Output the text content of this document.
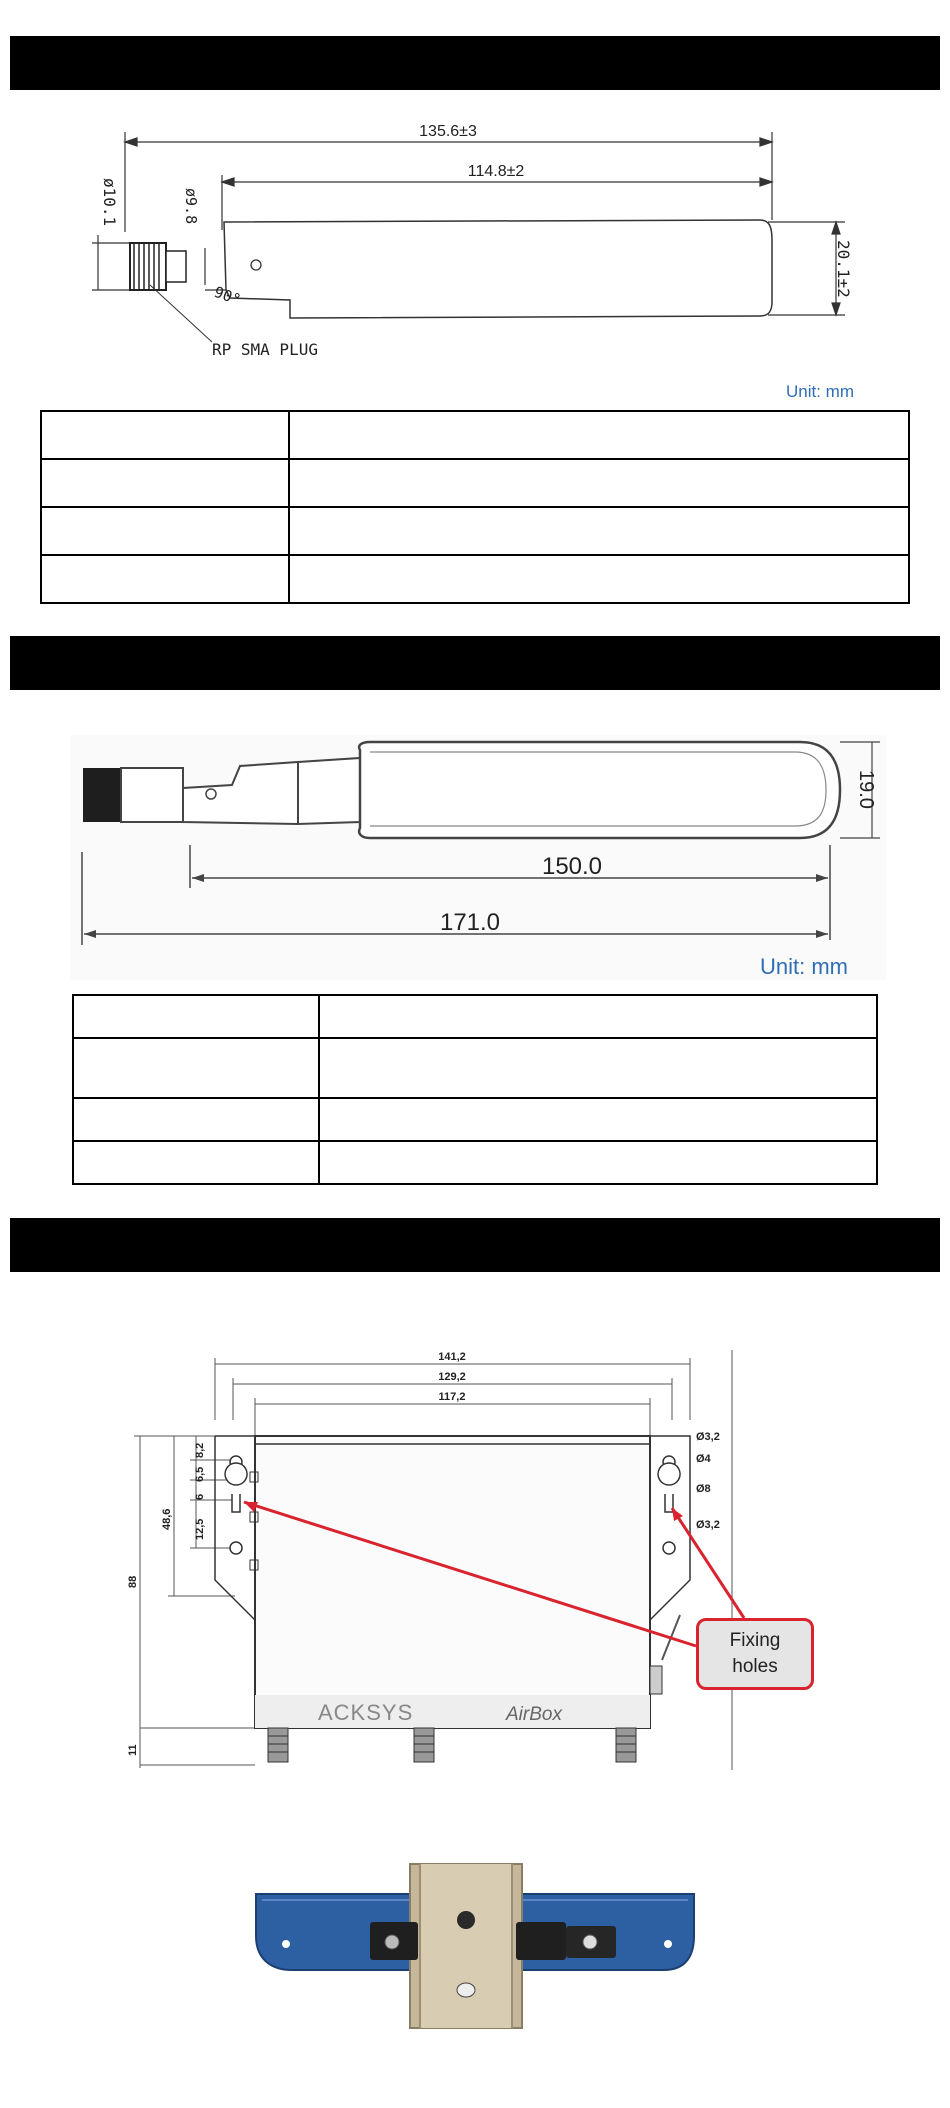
RP SMA PLUG
135.6±3
114.8±2
ø10.1	ø9.8
90°	20.1±2
Unit: mm

150.0
171.0
19.0
Unit: mm

141,2
129,2
117,2
Ø3,2
Ø4
Ø8
Ø3,2
8,2
6,5
6
12,5
48,6
88
11
ACKSYS	AirBox
Fixing
holes
